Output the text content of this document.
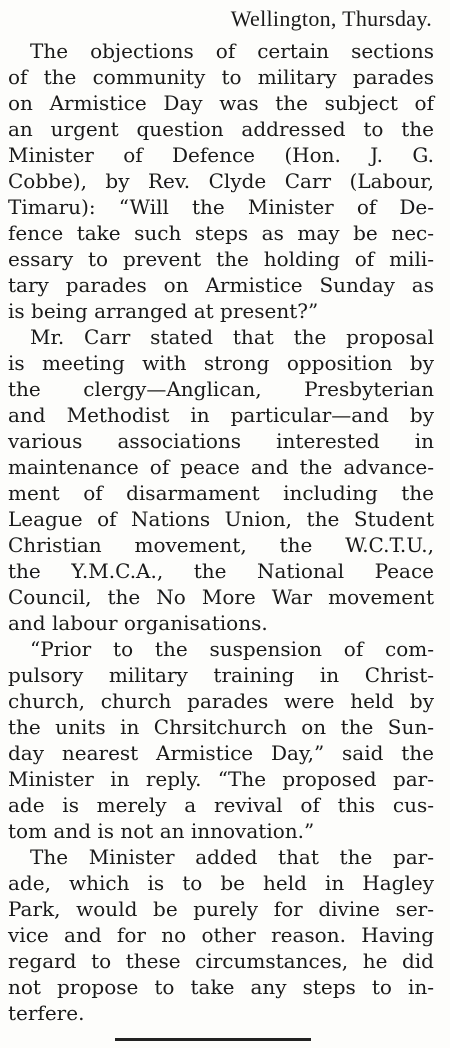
Wellington, Thursday.
The objections of certain sections
of the community to military parades
on Armistice Day was the subject of
an urgent question addressed to the
Minister of Defence (Hon. J. G.
Cobbe), by Rev. Clyde Carr (Labour,
Timaru): “Will the Minister of De-
fence take such steps as may be nec-
essary to prevent the holding of mili-
tary parades on Armistice Sunday as
is being arranged at present?”
Mr. Carr stated that the proposal
is meeting with strong opposition by
the clergy—Anglican, Presbyterian
and Methodist in particular—and by
various associations interested in
maintenance of peace and the advance-
ment of disarmament including the
League of Nations Union, the Student
Christian movement, the W.C.T.U.,
the Y.M.C.A., the National Peace
Council, the No More War movement
and labour organisations.
“Prior to the suspension of com-
pulsory military training in Christ-
church, church parades were held by
the units in Chrsitchurch on the Sun-
day nearest Armistice Day,” said the
Minister in reply. “The proposed par-
ade is merely a revival of this cus-
tom and is not an innovation.”
The Minister added that the par-
ade, which is to be held in Hagley
Park, would be purely for divine ser-
vice and for no other reason. Having
regard to these circumstances, he did
not propose to take any steps to in-
terfere.
